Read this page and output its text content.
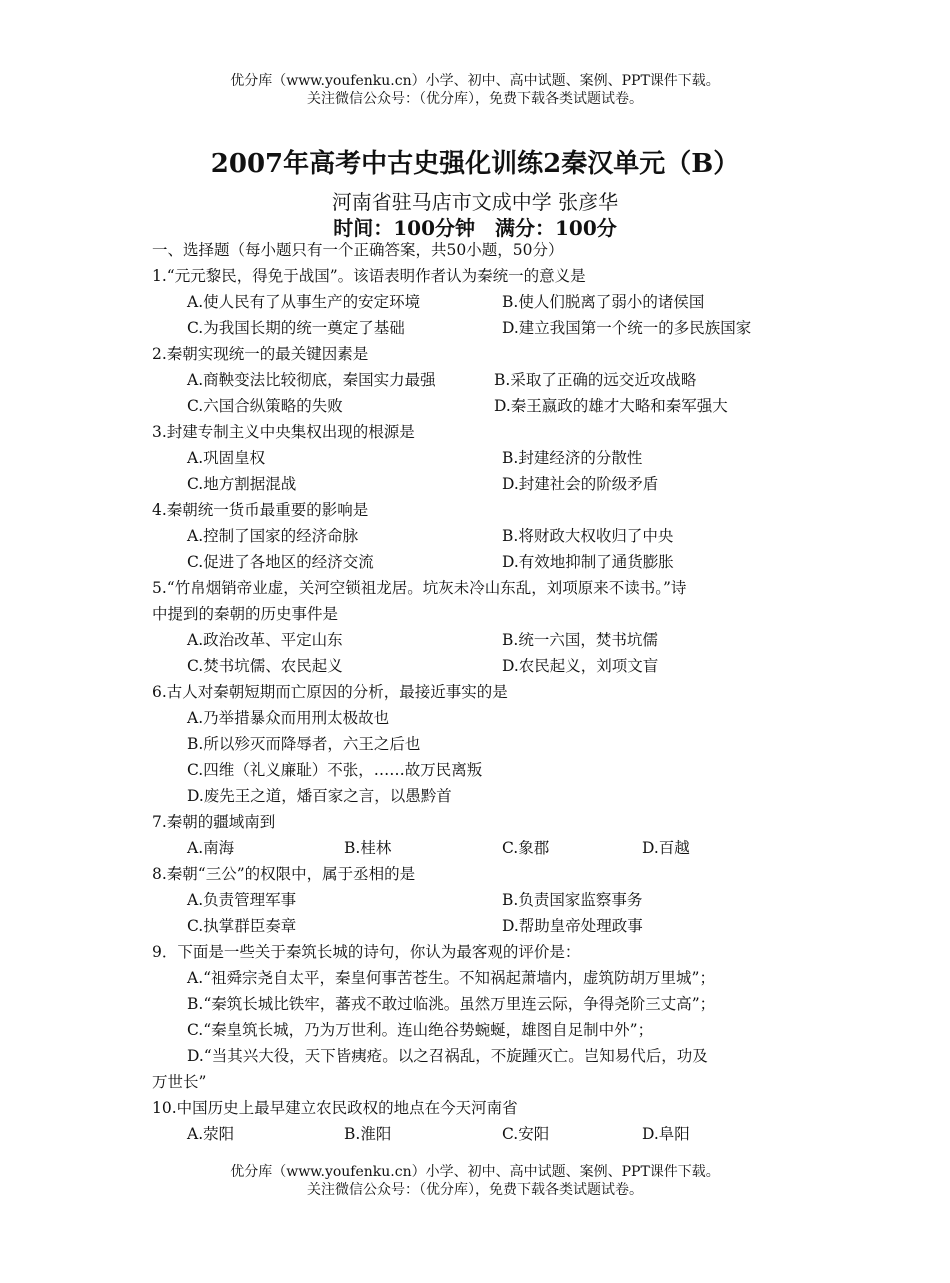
优分库（www.youfenku.cn）小学、初中、高中试题、案例、PPT课件下载。
关注微信公众号：（优分库），免费下载各类试题试卷。
2007年高考中古史强化训练2秦汉单元（B）
河南省驻马店市文成中学 张彦华
时间：100分钟　满分：100分
一、选择题（每小题只有一个正确答案，共50小题，50分）
1.“元元黎民，得免于战国”。该语表明作者认为秦统一的意义是
A.使人民有了从事生产的安定环境	B.使人们脱离了弱小的诸侯国
C.为我国长期的统一奠定了基础	D.建立我国第一个统一的多民族国家
2.秦朝实现统一的最关键因素是
A.商鞅变法比较彻底，秦国实力最强	B.采取了正确的远交近攻战略
C.六国合纵策略的失败	D.秦王嬴政的雄才大略和秦军强大
3.封建专制主义中央集权出现的根源是
A.巩固皇权	B.封建经济的分散性
C.地方割据混战	D.封建社会的阶级矛盾
4.秦朝统一货币最重要的影响是
A.控制了国家的经济命脉	B.将财政大权收归了中央
C.促进了各地区的经济交流	D.有效地抑制了通货膨胀
5.“竹帛烟销帝业虚，关河空锁祖龙居。坑灰未冷山东乱，刘项原来不读书。”诗
中提到的秦朝的历史事件是
A.政治改革、平定山东	B.统一六国，焚书坑儒
C.焚书坑儒、农民起义	D.农民起义，刘项文盲
6.古人对秦朝短期而亡原因的分析，最接近事实的是
A.乃举措暴众而用刑太极故也
B.所以殄灭而降辱者，六王之后也
C.四维（礼义廉耻）不张，……故万民离叛
D.废先王之道，燔百家之言，以愚黔首
7.秦朝的疆域南到
A.南海	B.桂林	C.象郡	D.百越
8.秦朝“三公”的权限中，属于丞相的是
A.负责管理军事	B.负责国家监察事务
C.执掌群臣奏章	D.帮助皇帝处理政事
9．下面是一些关于秦筑长城的诗句，你认为最客观的评价是：
A.“祖舜宗尧自太平，秦皇何事苦苍生。不知祸起萧墙内，虚筑防胡万里城”；
B.“秦筑长城比铁牢，蕃戎不敢过临洮。虽然万里连云际，争得尧阶三丈高”；
C.“秦皇筑长城，乃为万世利。连山绝谷势蜿蜒，雄图自足制中外”；
D.“当其兴大役，天下皆痍疮。以之召祸乱，不旋踵灭亡。岂知易代后，功及
万世长”
10.中国历史上最早建立农民政权的地点在今天河南省
A.荥阳	B.淮阳	C.安阳	D.阜阳
优分库（www.youfenku.cn）小学、初中、高中试题、案例、PPT课件下载。
关注微信公众号：（优分库），免费下载各类试题试卷。
